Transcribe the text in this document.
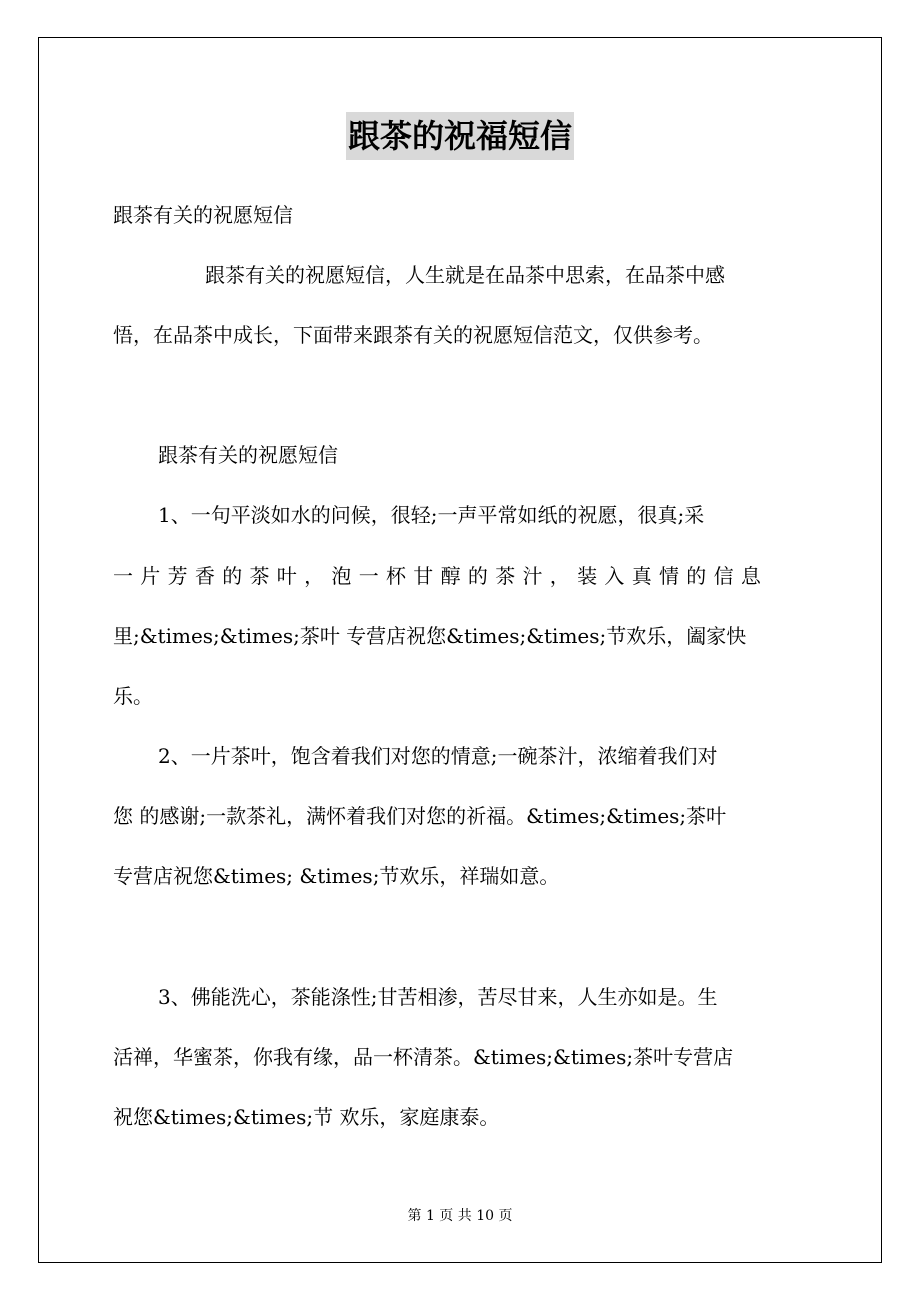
跟茶的祝福短信
跟茶有关的祝愿短信
跟茶有关的祝愿短信，人生就是在品茶中思索，在品茶中感
悟，在品茶中成长，下面带来跟茶有关的祝愿短信范文，仅供参考。
跟茶有关的祝愿短信
1、一句平淡如水的问候，很轻;一声平常如纸的祝愿，很真;采
一片芳香的茶叶，泡一杯甘醇的茶汁，装入真情的信息
里;&times;&times;茶叶 专营店祝您&times;&times;节欢乐，阖家快
乐。
2、一片茶叶，饱含着我们对您的情意;一碗茶汁，浓缩着我们对
您 的感谢;一款茶礼，满怀着我们对您的祈福。&times;&times;茶叶
专营店祝您&times; &times;节欢乐，祥瑞如意。
3、佛能洗心，茶能涤性;甘苦相渗，苦尽甘来，人生亦如是。生
活禅，华蜜茶，你我有缘，品一杯清茶。&times;&times;茶叶专营店
祝您&times;&times;节 欢乐，家庭康泰。
第 1 页 共 10 页
